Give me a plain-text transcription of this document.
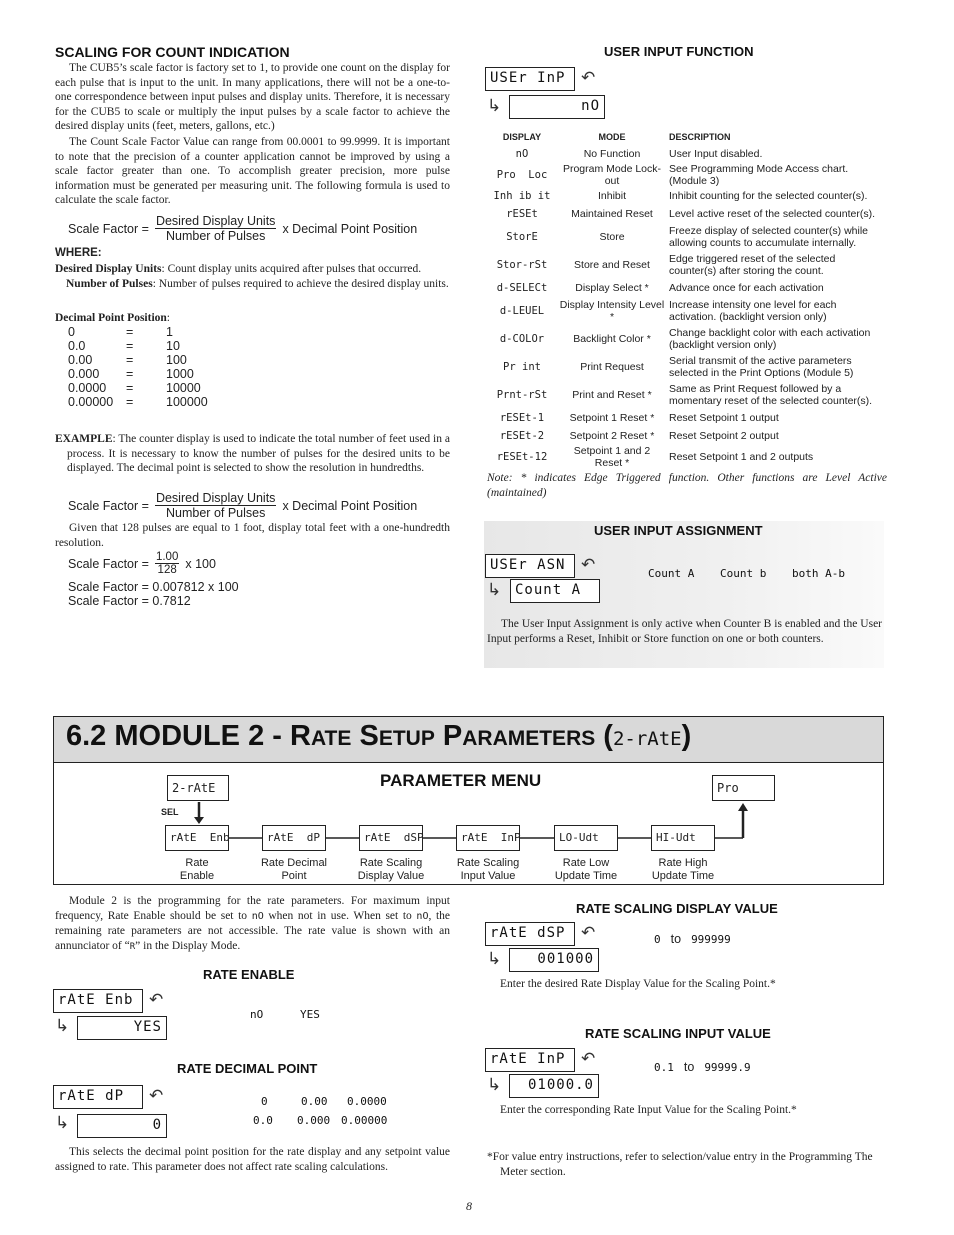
SCALING FOR COUNT INDICATION
The CUB5’s scale factor is factory set to 1, to provide one count on the display for each pulse that is input to the unit. In many applications, there will not be a one-to-one correspondence between input pulses and display units. Therefore, it is necessary for the CUB5 to scale or multiply the input pulses by a scale factor to achieve the desired display units (feet, meters, gallons, etc.)
The Count Scale Factor Value can range from 00.0001 to 99.9999. It is important to note that the precision of a counter application cannot be improved by using a scale factor greater than one. To accomplish greater precision, more pulse information must be generated per measuring unit. The following formula is used to calculate the scale factor.
Scale Factor = $\frac{\text{Desired Display Units}}{\text{Number of Pulses}}$ x Decimal Point Position
WHERE:
Desired Display Units: Count display units acquired after pulses that occurred.
Number of Pulses: Number of pulses required to achieve the desired display units.
Decimal Point Position:
0	=	1
0.0	=	10
0.00	=	100
0.000	=	1000
0.0000	=	10000
0.00000	=	100000
EXAMPLE: The counter display is used to indicate the total number of feet used in a process. It is necessary to know the number of pulses for the desired units to be displayed. The decimal point is selected to show the resolution in hundredths.
Scale Factor = $\frac{\text{Desired Display Units}}{\text{Number of Pulses}}$ x Decimal Point Position
Given that 128 pulses are equal to 1 foot, display total feet with a one-hundredth resolution.
Scale Factor = $\frac{1.00}{128}$ x 100
Scale Factor = 0.007812 x 100
Scale Factor = 0.7812
USER INPUT FUNCTION
USEr InP ↶
↳	nO
DISPLAY	MODE	DESCRIPTION
nO	No Function	User Input disabled.
Pro  Loc	Program Mode Lock-out	See Programming Mode Access chart. (Module 3)
Inh ib it	Inhibit	Inhibit counting for the selected counter(s).
rESEt	Maintained Reset	Level active reset of the selected counter(s).
StorE	Store	Freeze display of selected counter(s) while allowing counts to accumulate internally.
Stor-rSt	Store and Reset	Edge triggered reset of the selected counter(s) after storing the count.
d-SELECt	Display Select *	Advance once for each activation
d-LEUEL	Display Intensity Level *	Increase intensity one level for each activation. (backlight version only)
d-COLOr	Backlight Color *	Change backlight color with each activation (backlight version only)
Pr int	Print Request	Serial transmit of the active parameters selected in the Print Options (Module 5)
Prnt-rSt	Print and Reset *	Same as Print Request followed by a momentary reset of the selected counter(s).
rESEt-1	Setpoint 1 Reset *	Reset Setpoint 1 output
rESEt-2	Setpoint 2 Reset *	Reset Setpoint 2 output
rESEt-12	Setpoint 1 and 2 Reset *	Reset Setpoint 1 and 2 outputs
Note: * indicates Edge Triggered function. Other functions are Level Active (maintained)
USER INPUT ASSIGNMENT
USEr ASN ↶
↳ Count A
Count A Count b both A-b
The User Input Assignment is only active when Counter B is enabled and the User Input performs a Reset, Inhibit or Store function on one or both counters.
6.2 MODULE 2 - RATE SETUP PARAMETERS (2-rAtE)
PARAMETER MENU
2-rAtE
SEL
Pro
rAtE  Enb
Rate
Enable
rAtE  dP
Rate Decimal
Point
rAtE  dSP
Rate Scaling
Display Value
rAtE  InP
Rate Scaling
Input Value
LO-Udt
Rate Low
Update Time
HI-Udt
Rate High
Update Time
Module 2 is the programming for the rate parameters. For maximum input frequency, Rate Enable should be set to nO when not in use. When set to nO, the remaining rate parameters are not accessible. The rate value is shown with an annunciator of “R” in the Display Mode.
RATE ENABLE
rAtE Enb ↶
↳	YES
nO	YES
RATE DECIMAL POINT
rAtE dP	↶
↳	0
0	0.00 0.0000
0.0 0.000 0.00000
This selects the decimal point position for the rate display and any setpoint value assigned to rate. This parameter does not affect rate scaling calculations.
RATE SCALING DISPLAY VALUE
rAtE dSP ↶
↳	001000
0 to 999999
Enter the desired Rate Display Value for the Scaling Point.*
RATE SCALING INPUT VALUE
rAtE InP ↶
↳	01000.0
0.1 to 99999.9
Enter the corresponding Rate Input Value for the Scaling Point.*
*For value entry instructions, refer to selection/value entry in the Programming The Meter section.
8
